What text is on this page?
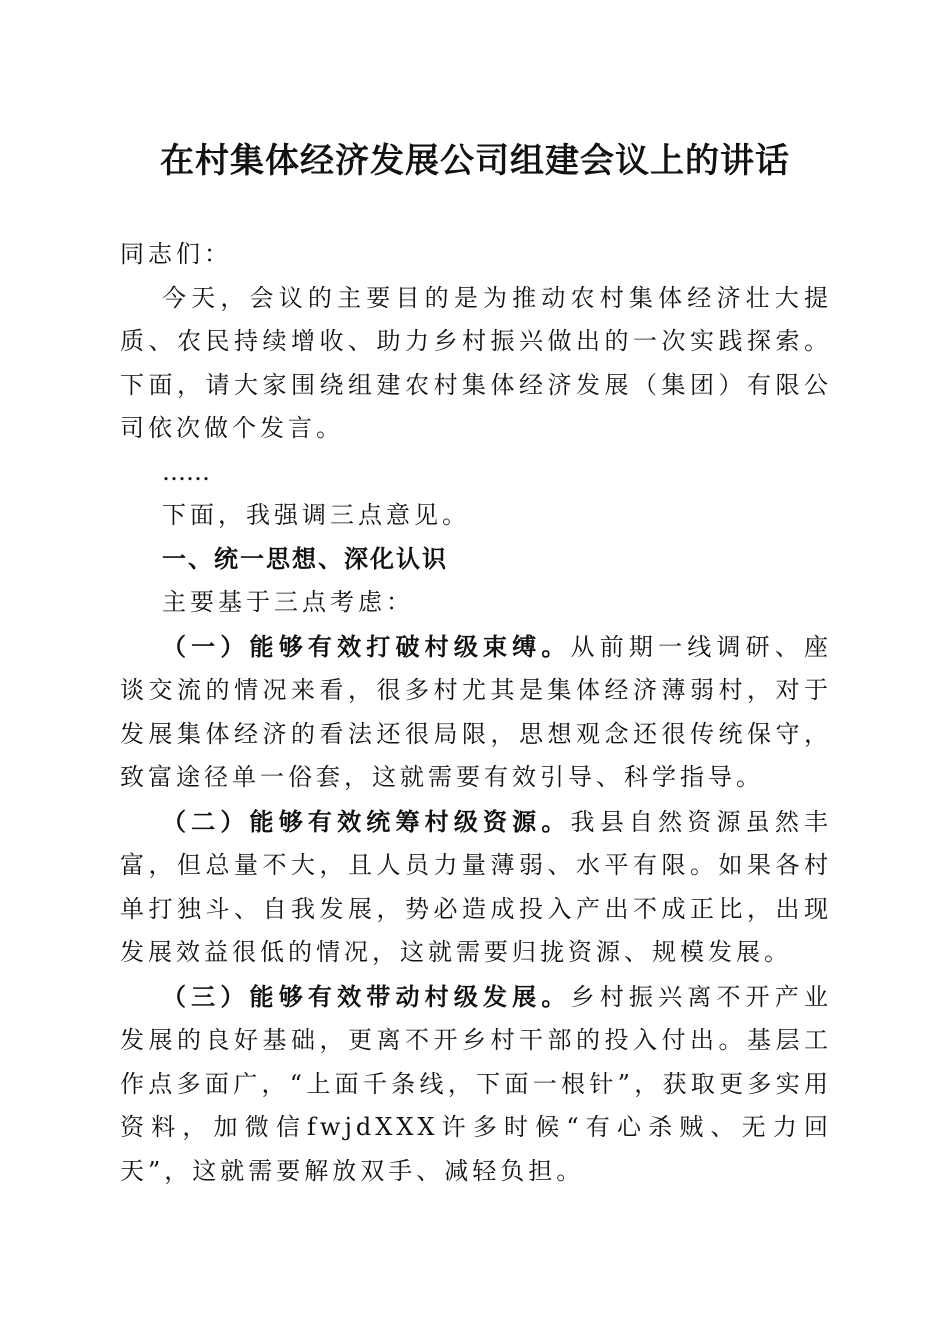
在村集体经济发展公司组建会议上的讲话

同志们：

今天，会议的主要目的是为推动农村集体经济壮大提质、农民持续增收、助力乡村振兴做出的一次实践探索。下面，请大家围绕组建农村集体经济发展（集团）有限公司依次做个发言。

……

下面，我强调三点意见。

一、统一思想、深化认识

主要基于三点考虑：

（一）能够有效打破村级束缚。从前期一线调研、座谈交流的情况来看，很多村尤其是集体经济薄弱村，对于发展集体经济的看法还很局限，思想观念还很传统保守，致富途径单一俗套，这就需要有效引导、科学指导。

（二）能够有效统筹村级资源。我县自然资源虽然丰富，但总量不大，且人员力量薄弱、水平有限。如果各村单打独斗、自我发展，势必造成投入产出不成正比，出现发展效益很低的情况，这就需要归拢资源、规模发展。

（三）能够有效带动村级发展。乡村振兴离不开产业发展的良好基础，更离不开乡村干部的投入付出。基层工作点多面广，“上面千条线，下面一根针”，获取更多实用资料，加微信fwjdXXX许多时候“有心杀贼、无力回天”，这就需要解放双手、减轻负担。
